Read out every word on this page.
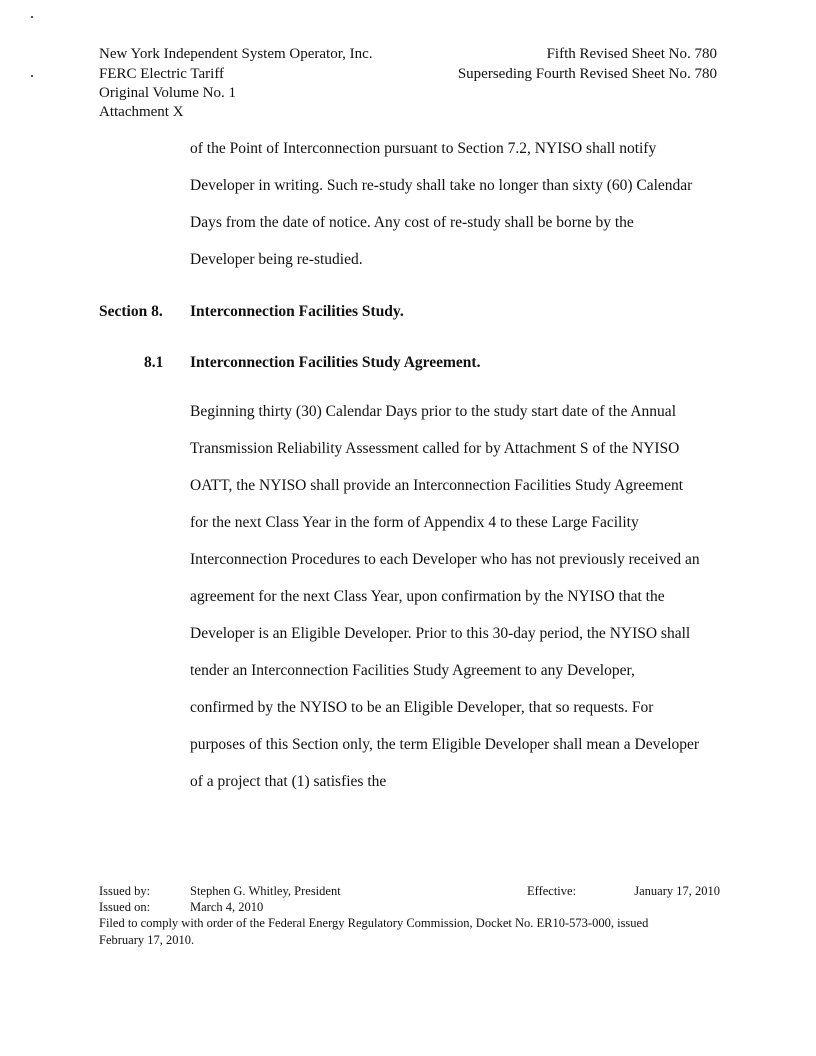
New York Independent System Operator, Inc.
FERC Electric Tariff
Original Volume No. 1
Attachment X
Fifth Revised Sheet No. 780
Superseding Fourth Revised Sheet No. 780
of the Point of Interconnection pursuant to Section 7.2, NYISO shall notify
Developer in writing. Such re-study shall take no longer than sixty (60) Calendar
Days from the date of notice. Any cost of re-study shall be borne by the
Developer being re-studied.
Section 8. Interconnection Facilities Study.
8.1 Interconnection Facilities Study Agreement.
Beginning thirty (30) Calendar Days prior to the study start date of the Annual
Transmission Reliability Assessment called for by Attachment S of the NYISO
OATT, the NYISO shall provide an Interconnection Facilities Study Agreement
for the next Class Year in the form of Appendix 4 to these Large Facility
Interconnection Procedures to each Developer who has not previously received an
agreement for the next Class Year, upon confirmation by the NYISO that the
Developer is an Eligible Developer. Prior to this 30-day period, the NYISO shall
tender an Interconnection Facilities Study Agreement to any Developer,
confirmed by the NYISO to be an Eligible Developer, that so requests. For
purposes of this Section only, the term Eligible Developer shall mean a Developer
of a project that (1) satisfies the
Issued by:	Stephen G. Whitley, President	Effective:	January 17, 2010
Issued on:	March 4, 2010
Filed to comply with order of the Federal Energy Regulatory Commission, Docket No. ER10-573-000, issued
February 17, 2010.
